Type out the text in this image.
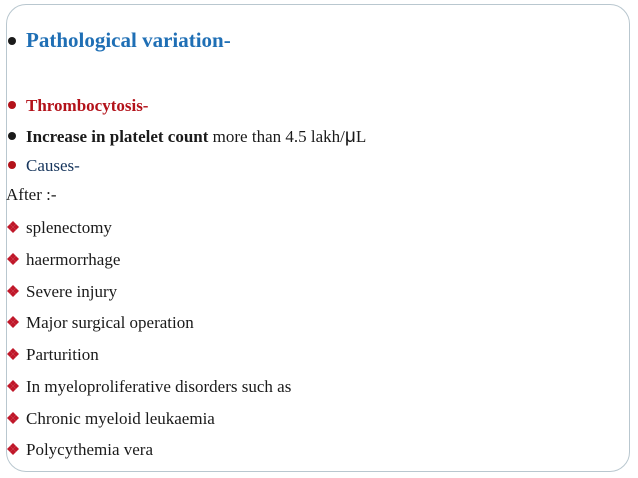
Pathological variation-
Thrombocytosis-
Increase in platelet count more than 4.5 lakh/μL
Causes-
After :-
splenectomy
haermorrhage
Severe injury
Major surgical operation
Parturition
In myeloproliferative disorders such as
Chronic myeloid leukaemia
Polycythemia vera
